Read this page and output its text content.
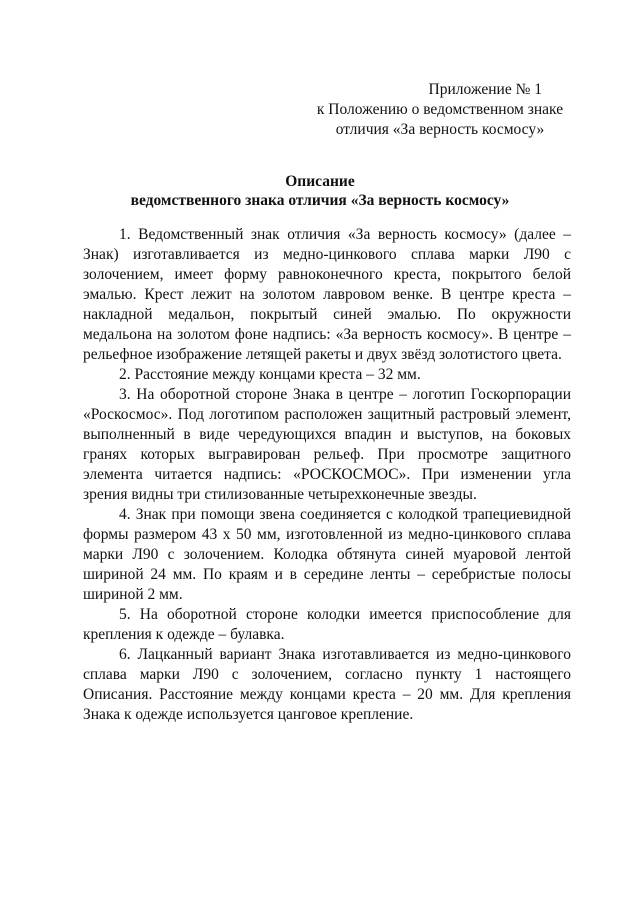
Приложение № 1
к Положению о ведомственном знаке
отличия «За верность космосу»
Описание
ведомственного знака отличия «За верность космосу»

1. Ведомственный знак отличия «За верность космосу» (далее – Знак) изготавливается из медно-цинкового сплава марки Л90 с золочением, имеет форму равноконечного креста, покрытого белой эмалью. Крест лежит на золотом лавровом венке. В центре креста – накладной медальон, покрытый синей эмалью. По окружности медальона на золотом фоне надпись: «За верность космосу». В центре – рельефное изображение летящей ракеты и двух звёзд золотистого цвета.

2. Расстояние между концами креста – 32 мм.

3. На оборотной стороне Знака в центре – логотип Госкорпорации «Роскосмос». Под логотипом расположен защитный растровый элемент, выполненный в виде чередующихся впадин и выступов, на боковых гранях которых выгравирован рельеф. При просмотре защитного элемента читается надпись: «РОСКОСМОС». При изменении угла зрения видны три стилизованные четырехконечные звезды.

4. Знак при помощи звена соединяется с колодкой трапециевидной формы размером 43 х 50 мм, изготовленной из медно-цинкового сплава марки Л90 с золочением. Колодка обтянута синей муаровой лентой шириной 24 мм. По краям и в середине ленты – серебристые полосы шириной 2 мм.

5. На оборотной стороне колодки имеется приспособление для крепления к одежде – булавка.

6. Лацканный вариант Знака изготавливается из медно-цинкового сплава марки Л90 с золочением, согласно пункту 1 настоящего Описания. Расстояние между концами креста – 20 мм. Для крепления Знака к одежде используется цанговое крепление.
